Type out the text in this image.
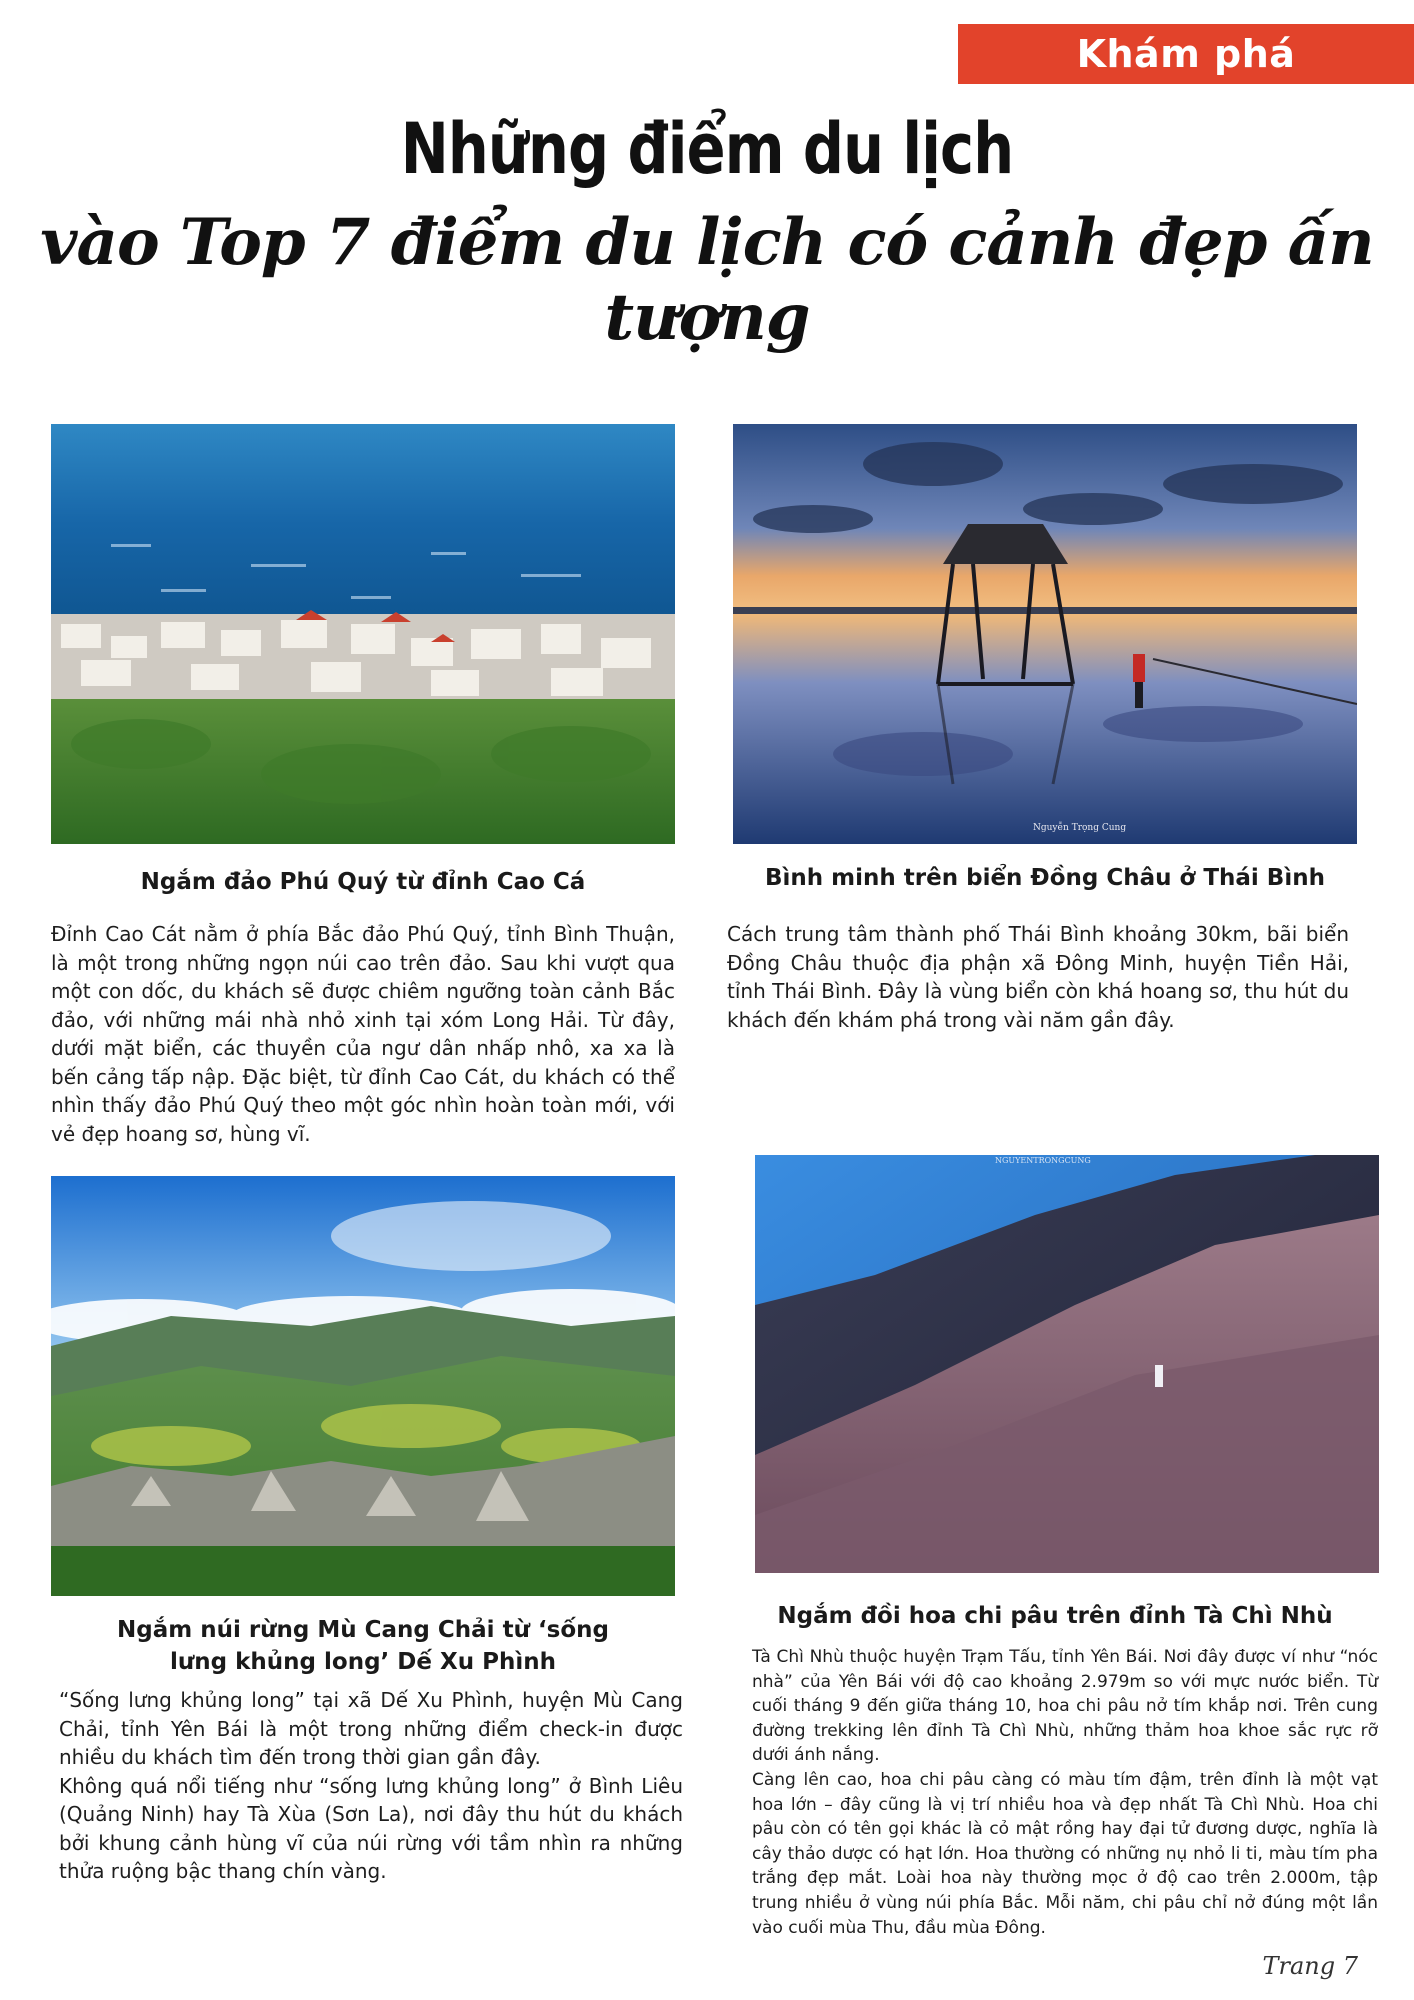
Khám phá
Những điểm du lịch
vào Top 7 điểm du lịch có cảnh đẹp ấn tượng
Nguyễn Trọng Cung
Ngắm đảo Phú Quý từ đỉnh Cao Cá

Đỉnh Cao Cát nằm ở phía Bắc đảo Phú Quý, tỉnh Bình Thuận, là một trong những ngọn núi cao trên đảo. Sau khi vượt qua một con dốc, du khách sẽ được chiêm ngưỡng toàn cảnh Bắc đảo, với những mái nhà nhỏ xinh tại xóm Long Hải. Từ đây, dưới mặt biển, các thuyền của ngư dân nhấp nhô, xa xa là bến cảng tấp nập. Đặc biệt, từ đỉnh Cao Cát, du khách có thể nhìn thấy đảo Phú Quý theo một góc nhìn hoàn toàn mới, với vẻ đẹp hoang sơ, hùng vĩ.

Bình minh trên biển Đồng Châu ở Thái Bình

Cách trung tâm thành phố Thái Bình khoảng 30km, bãi biển Đồng Châu thuộc địa phận xã Đông Minh, huyện Tiền Hải, tỉnh Thái Bình. Đây là vùng biển còn khá hoang sơ, thu hút du khách đến khám phá trong vài năm gần đây.

NGUYENTRONGCUNG
Ngắm núi rừng Mù Cang Chải từ ‘sống
lưng khủng long’ Dế Xu Phình

“Sống lưng khủng long” tại xã Dế Xu Phình, huyện Mù Cang Chải, tỉnh Yên Bái là một trong những điểm check-in được nhiều du khách tìm đến trong thời gian gần đây.

Không quá nổi tiếng như “sống lưng khủng long” ở Bình Liêu (Quảng Ninh) hay Tà Xùa (Sơn La), nơi đây thu hút du khách bởi khung cảnh hùng vĩ của núi rừng với tầm nhìn ra những thửa ruộng bậc thang chín vàng.

Ngắm đồi hoa chi pâu trên đỉnh Tà Chì Nhù

Tà Chì Nhù thuộc huyện Trạm Tấu, tỉnh Yên Bái. Nơi đây được ví như “nóc nhà” của Yên Bái với độ cao khoảng 2.979m so với mực nước biển. Từ cuối tháng 9 đến giữa tháng 10, hoa chi pâu nở tím khắp nơi. Trên cung đường trekking lên đỉnh Tà Chì Nhù, những thảm hoa khoe sắc rực rỡ dưới ánh nắng.

Càng lên cao, hoa chi pâu càng có màu tím đậm, trên đỉnh là một vạt hoa lớn – đây cũng là vị trí nhiều hoa và đẹp nhất Tà Chì Nhù. Hoa chi pâu còn có tên gọi khác là cỏ mật rồng hay đại tử đương dược, nghĩa là cây thảo dược có hạt lớn. Hoa thường có những nụ nhỏ li ti, màu tím pha trắng đẹp mắt. Loài hoa này thường mọc ở độ cao trên 2.000m, tập trung nhiều ở vùng núi phía Bắc. Mỗi năm, chi pâu chỉ nở đúng một lần vào cuối mùa Thu, đầu mùa Đông.

Trang 7
